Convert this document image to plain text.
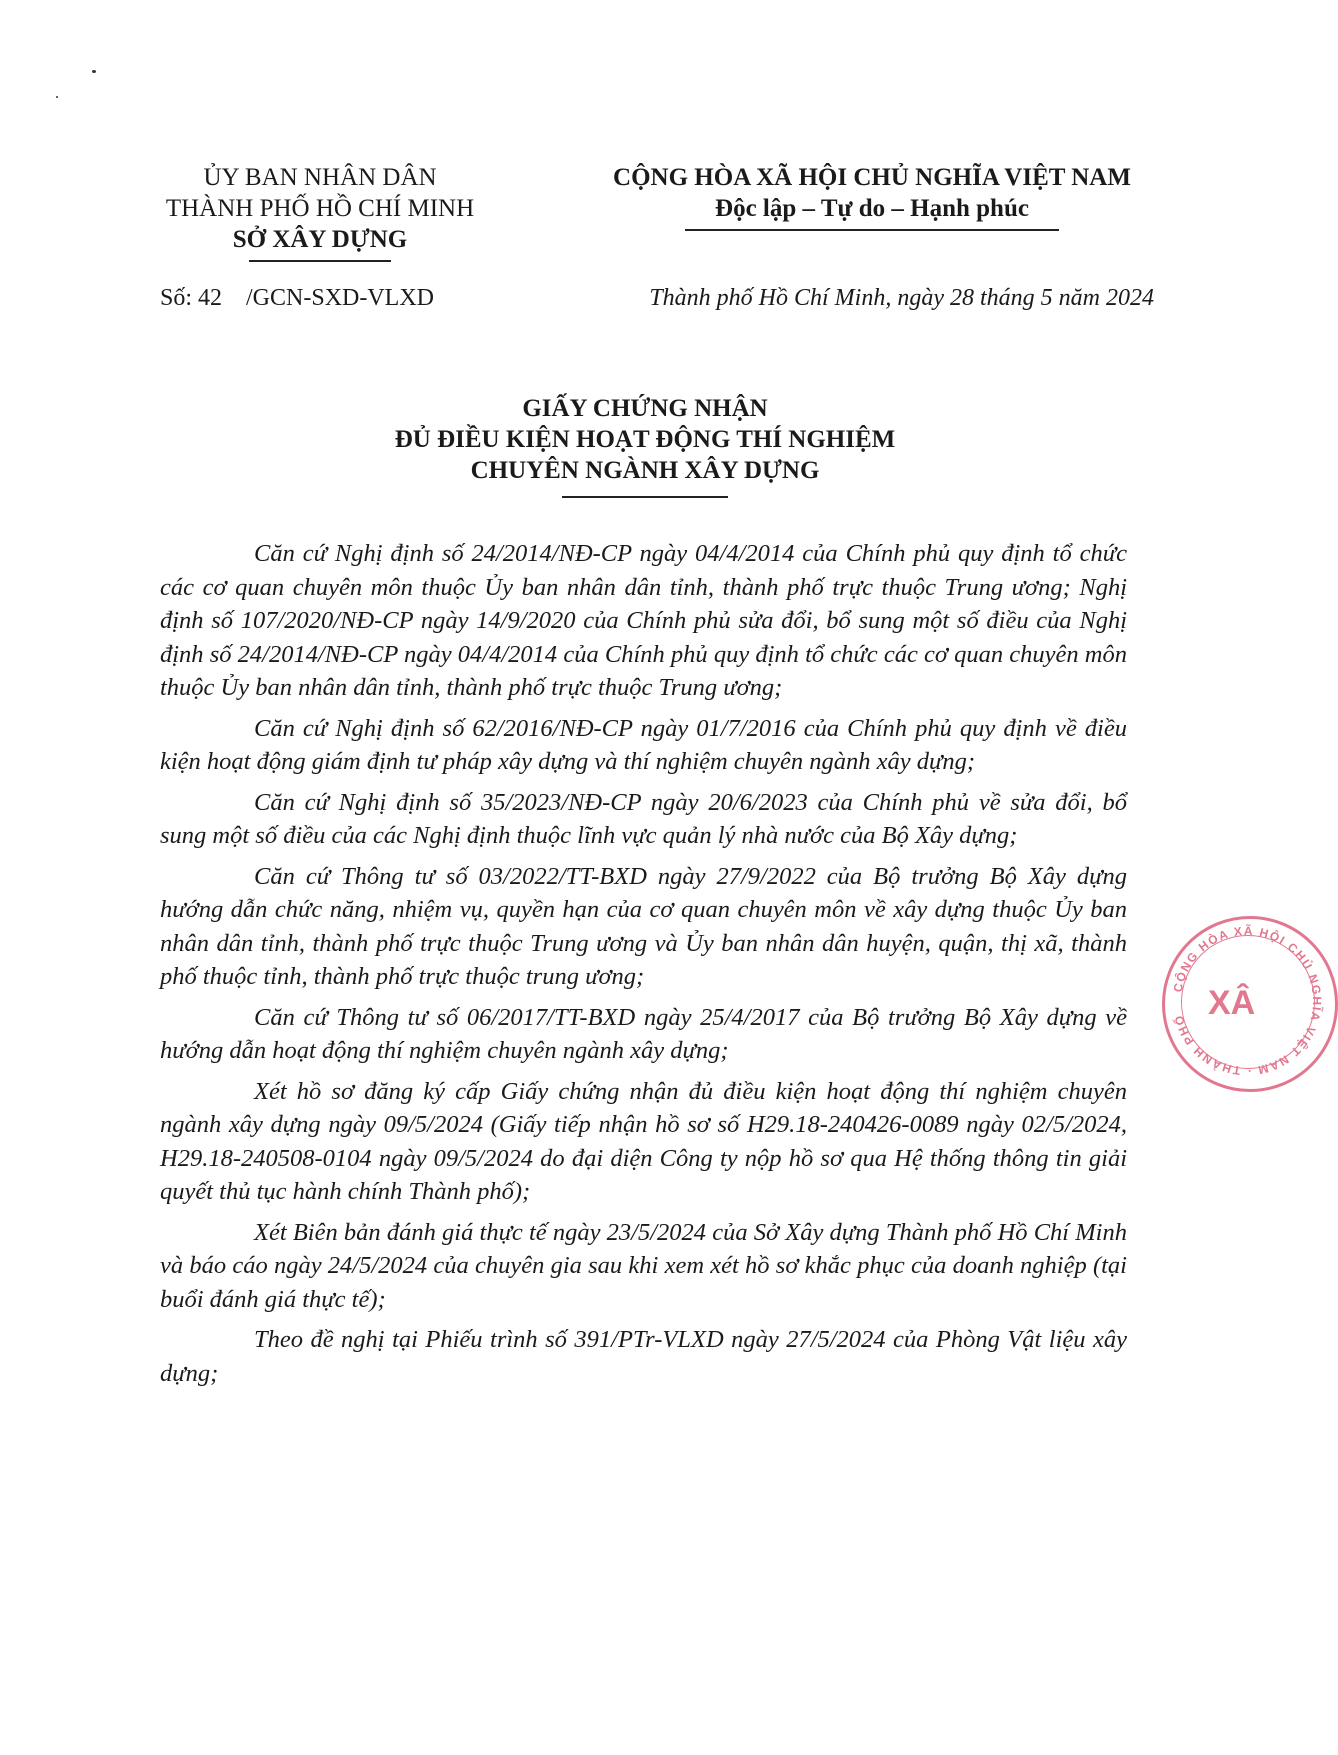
ỦY BAN NHÂN DÂN
THÀNH PHỐ HỒ CHÍ MINH
SỞ XÂY DỰNG
CỘNG HÒA XÃ HỘI CHỦ NGHĨA VIỆT NAM
Độc lập – Tự do – Hạnh phúc
Số: 42    /GCN-SXD-VLXD	Thành phố Hồ Chí Minh, ngày 28 tháng 5 năm 2024
GIẤY CHỨNG NHẬN
ĐỦ ĐIỀU KIỆN HOẠT ĐỘNG THÍ NGHIỆM
CHUYÊN NGÀNH XÂY DỰNG

Căn cứ Nghị định số 24/2014/NĐ-CP ngày 04/4/2014 của Chính phủ quy định tổ chức các cơ quan chuyên môn thuộc Ủy ban nhân dân tỉnh, thành phố trực thuộc Trung ương; Nghị định số 107/2020/NĐ-CP ngày 14/9/2020 của Chính phủ sửa đổi, bổ sung một số điều của Nghị định số 24/2014/NĐ-CP ngày 04/4/2014 của Chính phủ quy định tổ chức các cơ quan chuyên môn thuộc Ủy ban nhân dân tỉnh, thành phố trực thuộc Trung ương;

Căn cứ Nghị định số 62/2016/NĐ-CP ngày 01/7/2016 của Chính phủ quy định về điều kiện hoạt động giám định tư pháp xây dựng và thí nghiệm chuyên ngành xây dựng;

Căn cứ Nghị định số 35/2023/NĐ-CP ngày 20/6/2023 của Chính phủ về sửa đổi, bổ sung một số điều của các Nghị định thuộc lĩnh vực quản lý nhà nước của Bộ Xây dựng;

Căn cứ Thông tư số 03/2022/TT-BXD ngày 27/9/2022 của Bộ trưởng Bộ Xây dựng hướng dẫn chức năng, nhiệm vụ, quyền hạn của cơ quan chuyên môn về xây dựng thuộc Ủy ban nhân dân tỉnh, thành phố trực thuộc Trung ương và Ủy ban nhân dân huyện, quận, thị xã, thành phố thuộc tỉnh, thành phố trực thuộc trung ương;

Căn cứ Thông tư số 06/2017/TT-BXD ngày 25/4/2017 của Bộ trưởng Bộ Xây dựng về hướng dẫn hoạt động thí nghiệm chuyên ngành xây dựng;

Xét hồ sơ đăng ký cấp Giấy chứng nhận đủ điều kiện hoạt động thí nghiệm chuyên ngành xây dựng ngày 09/5/2024 (Giấy tiếp nhận hồ sơ số H29.18-240426-0089 ngày 02/5/2024, H29.18-240508-0104 ngày 09/5/2024 do đại diện Công ty nộp hồ sơ qua Hệ thống thông tin giải quyết thủ tục hành chính Thành phố);

Xét Biên bản đánh giá thực tế ngày 23/5/2024 của Sở Xây dựng Thành phố Hồ Chí Minh và báo cáo ngày 24/5/2024 của chuyên gia sau khi xem xét hồ sơ khắc phục của doanh nghiệp (tại buổi đánh giá thực tế);

Theo đề nghị tại Phiếu trình số 391/PTr-VLXD ngày 27/5/2024 của Phòng Vật liệu xây dựng;

CỘNG HÒA XÃ HỘI CHỦ NGHĨA VIỆT NAM · THÀNH PHỐ XÂ
